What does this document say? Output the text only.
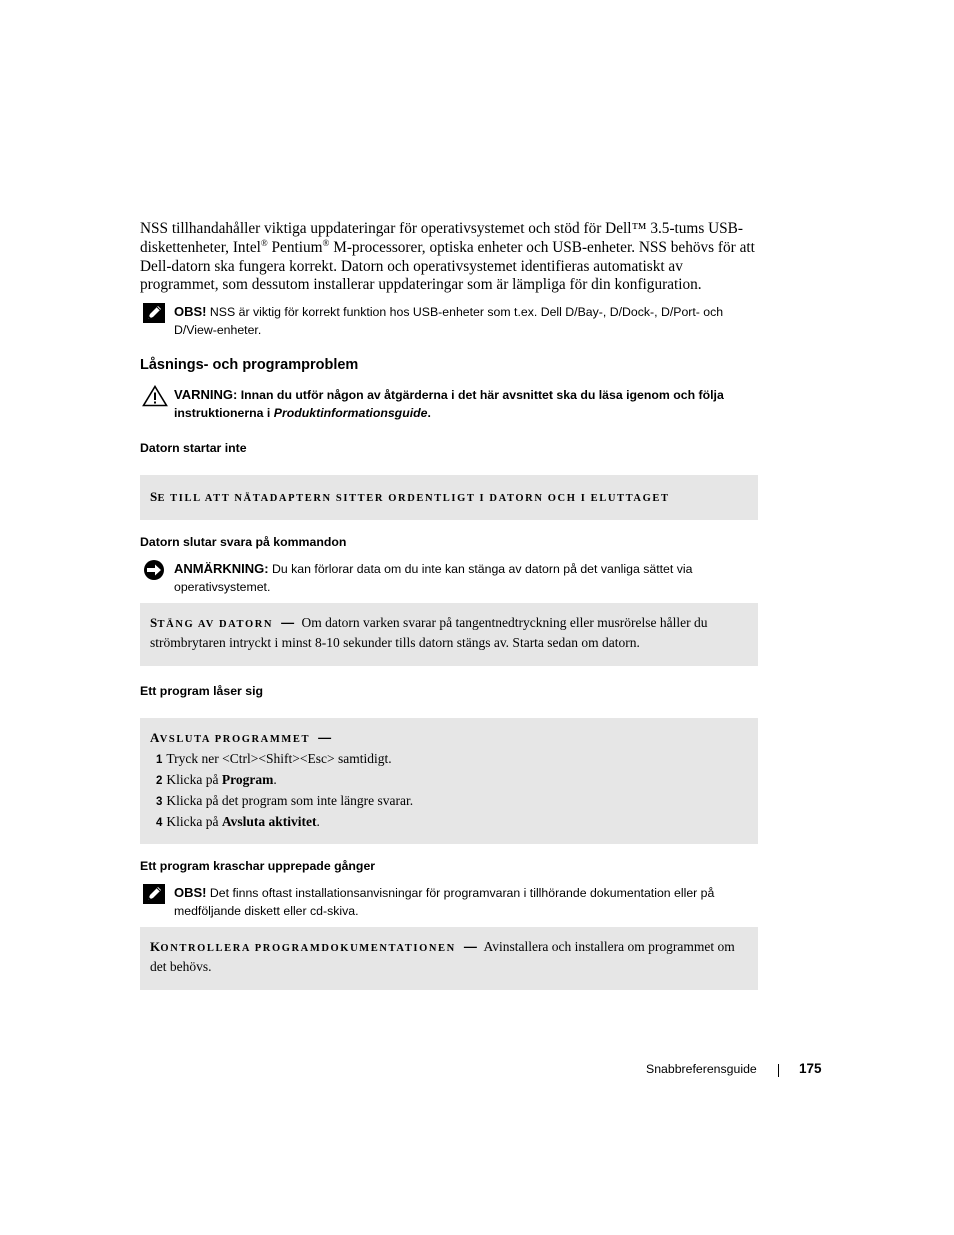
NSS tillhandahåller viktiga uppdateringar för operativsystemet och stöd för Dell™ 3.5-tums USB-diskettenheter, Intel® Pentium® M-processorer, optiska enheter och USB-enheter. NSS behövs för att Dell-datorn ska fungera korrekt. Datorn och operativsystemet identifieras automatiskt av programmet, som dessutom installerar uppdateringar som är lämpliga för din konfiguration.
OBS! NSS är viktig för korrekt funktion hos USB-enheter som t.ex. Dell D/Bay-, D/Dock-, D/Port- och D/View-enheter.
Låsnings- och programproblem
VARNING: Innan du utför någon av åtgärderna i det här avsnittet ska du läsa igenom och följa instruktionerna i Produktinformationsguide.
Datorn startar inte
SE TILL ATT NÄTADAPTERN SITTER ORDENTLIGT I DATORN OCH I ELUTTAGET
Datorn slutar svara på kommandon
ANMÄRKNING: Du kan förlorar data om du inte kan stänga av datorn på det vanliga sättet via operativsystemet.
STÄNG AV DATORN — Om datorn varken svarar på tangentnedtryckning eller musrörelse håller du strömbrytaren intryckt i minst 8-10 sekunder tills datorn stängs av. Starta sedan om datorn.
Ett program låser sig
AVSLUTA PROGRAMMET —
1 Tryck ner <Ctrl><Shift><Esc> samtidigt.
2 Klicka på Program.
3 Klicka på det program som inte längre svarar.
4 Klicka på Avsluta aktivitet.
Ett program kraschar upprepade gånger
OBS! Det finns oftast installationsanvisningar för programvaran i tillhörande dokumentation eller på medföljande diskett eller cd-skiva.
KONTROLLERA PROGRAMDOKUMENTATIONEN — Avinstallera och installera om programmet om det behövs.
Snabbreferensguide	175
